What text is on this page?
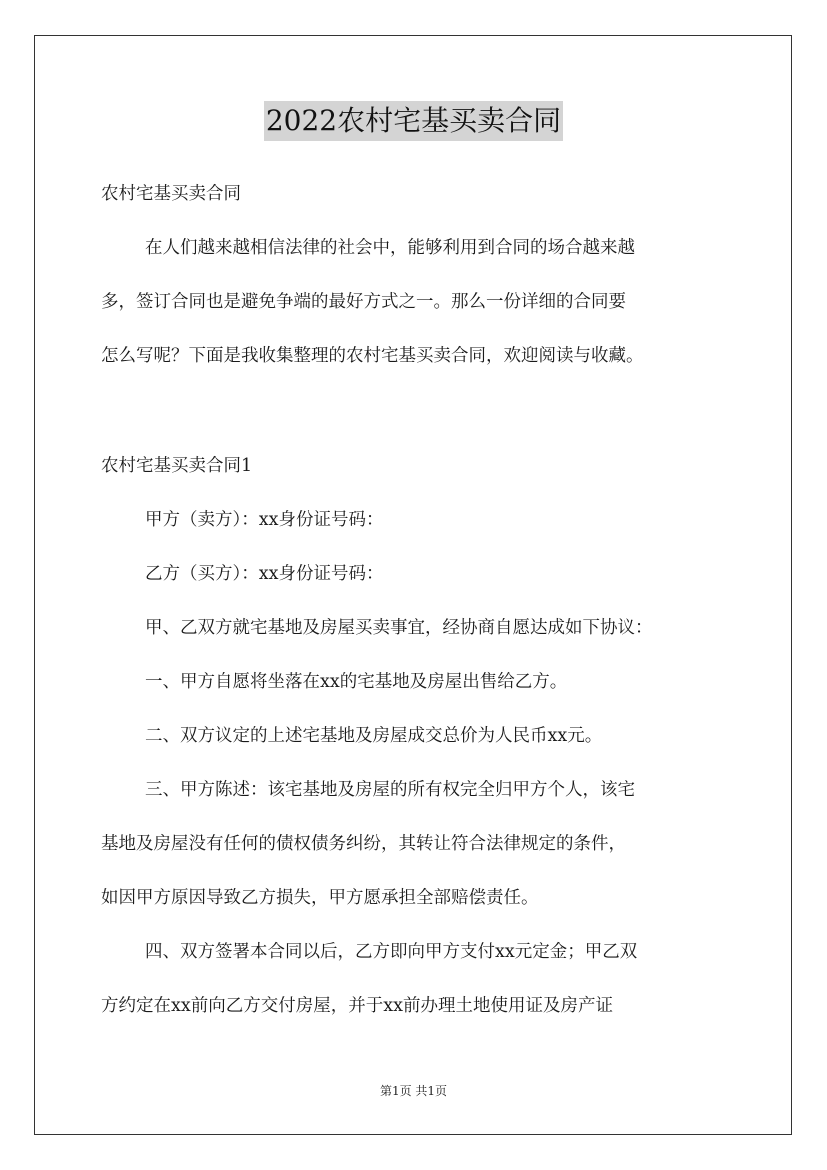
2022农村宅基买卖合同
农村宅基买卖合同
在人们越来越相信法律的社会中，能够利用到合同的场合越来越
多，签订合同也是避免争端的最好方式之一。那么一份详细的合同要
怎么写呢？下面是我收集整理的农村宅基买卖合同，欢迎阅读与收藏。
农村宅基买卖合同1
甲方（卖方）：xx身份证号码：
乙方（买方）：xx身份证号码：
甲、乙双方就宅基地及房屋买卖事宜，经协商自愿达成如下协议：
一、甲方自愿将坐落在xx的宅基地及房屋出售给乙方。
二、双方议定的上述宅基地及房屋成交总价为人民币xx元。
三、甲方陈述：该宅基地及房屋的所有权完全归甲方个人，该宅
基地及房屋没有任何的债权债务纠纷，其转让符合法律规定的条件，
如因甲方原因导致乙方损失，甲方愿承担全部赔偿责任。
四、双方签署本合同以后，乙方即向甲方支付xx元定金；甲乙双
方约定在xx前向乙方交付房屋，并于xx前办理土地使用证及房产证
第1页 共1页
